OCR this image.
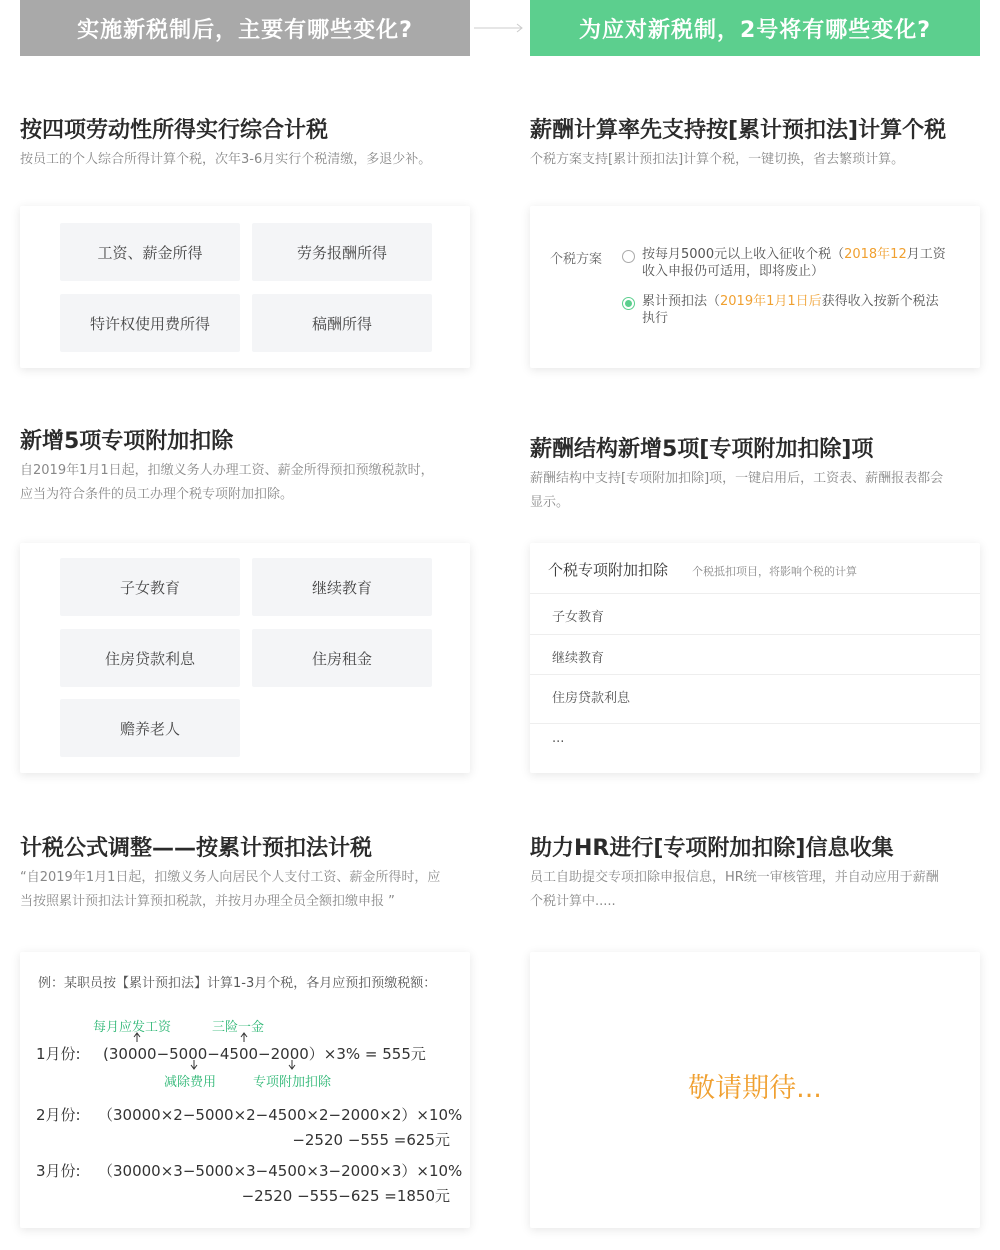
实施新税制后，主要有哪些变化?	为应对新税制，2号将有哪些变化?
按四项劳动性所得实行综合计税
按员工的个人综合所得计算个税，次年3-6月实行个税清缴，多退少补。
工资、薪金所得	劳务报酬所得
特许权使用费所得	稿酬所得
薪酬计算率先支持按[累计预扣法]计算个税
个税方案支持[累计预扣法]计算个税，一键切换，省去繁琐计算。
个税方案	按每月5000元以上收入征收个税（2018年12月工资
收入申报仍可适用，即将废止）
累计预扣法（2019年1月1日后获得收入按新个税法
执行
新增5项专项附加扣除
自2019年1月1日起，扣缴义务人办理工资、薪金所得预扣预缴税款时，
应当为符合条件的员工办理个税专项附加扣除。
子女教育	继续教育
住房贷款利息	住房租金
赡养老人
薪酬结构新增5项[专项附加扣除]项
薪酬结构中支持[专项附加扣除]项，一键启用后，工资表、薪酬报表都会
显示。
个税专项附加扣除 个税抵扣项目，将影响个税的计算
子女教育
继续教育
住房贷款利息
...
计税公式调整——按累计预扣法计税
“自2019年1月1日起，扣缴义务人向居民个人支付工资、薪金所得时，应
当按照累计预扣法计算预扣税款，并按月办理全员全额扣缴申报 ”
例：某职员按【累计预扣法】计算1-3月个税，各月应预扣预缴税额：
每月应发工资	三险一金
1月份: (30000−5000−4500−2000）×3% = 555元
减除费用	专项附加扣除
2月份: （30000×2−5000×2−4500×2−2000×2）×10%
−2520 −555 =625元
3月份: （30000×3−5000×3−4500×3−2000×3）×10%
−2520 −555−625 =1850元
助力HR进行[专项附加扣除]信息收集
员工自助提交专项扣除申报信息，HR统一审核管理，并自动应用于薪酬
个税计算中.....
敬请期待...
